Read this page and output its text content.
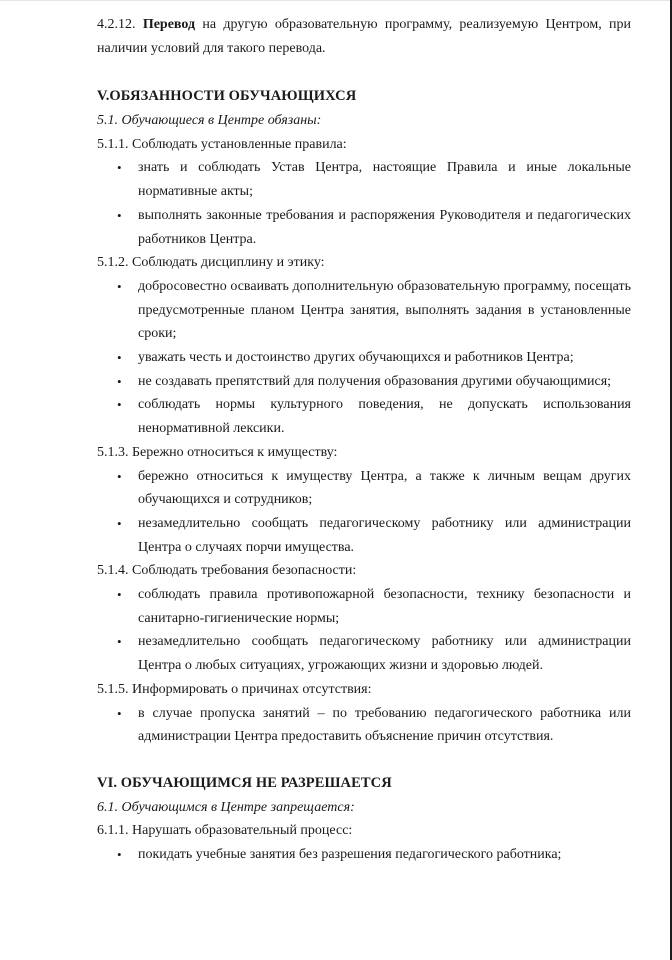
4.2.12. Перевод на другую образовательную программу, реализуемую Центром, при наличии условий для такого перевода.
V.ОБЯЗАННОСТИ ОБУЧАЮЩИХСЯ
5.1. Обучающиеся в Центре обязаны:
5.1.1. Соблюдать установленные правила:
• знать и соблюдать Устав Центра, настоящие Правила и иные локальные нормативные акты;
• выполнять законные требования и распоряжения Руководителя и педагогических работников Центра.
5.1.2. Соблюдать дисциплину и этику:
• добросовестно осваивать дополнительную образовательную программу, посещать предусмотренные планом Центра занятия, выполнять задания в установленные сроки;
• уважать честь и достоинство других обучающихся и работников Центра;
• не создавать препятствий для получения образования другими обучающимися;
• соблюдать нормы культурного поведения, не допускать использования ненормативной лексики.
5.1.3. Бережно относиться к имуществу:
• бережно относиться к имуществу Центра, а также к личным вещам других обучающихся и сотрудников;
• незамедлительно сообщать педагогическому работнику или администрации Центра о случаях порчи имущества.
5.1.4. Соблюдать требования безопасности:
• соблюдать правила противопожарной безопасности, технику безопасности и санитарно-гигиенические нормы;
• незамедлительно сообщать педагогическому работнику или администрации Центра о любых ситуациях, угрожающих жизни и здоровью людей.
5.1.5. Информировать о причинах отсутствия:
• в случае пропуска занятий – по требованию педагогического работника или администрации Центра предоставить объяснение причин отсутствия.
VI. ОБУЧАЮЩИМСЯ НЕ РАЗРЕШАЕТСЯ
6.1. Обучающимся в Центре запрещается:
6.1.1. Нарушать образовательный процесс:
• покидать учебные занятия без разрешения педагогического работника;
